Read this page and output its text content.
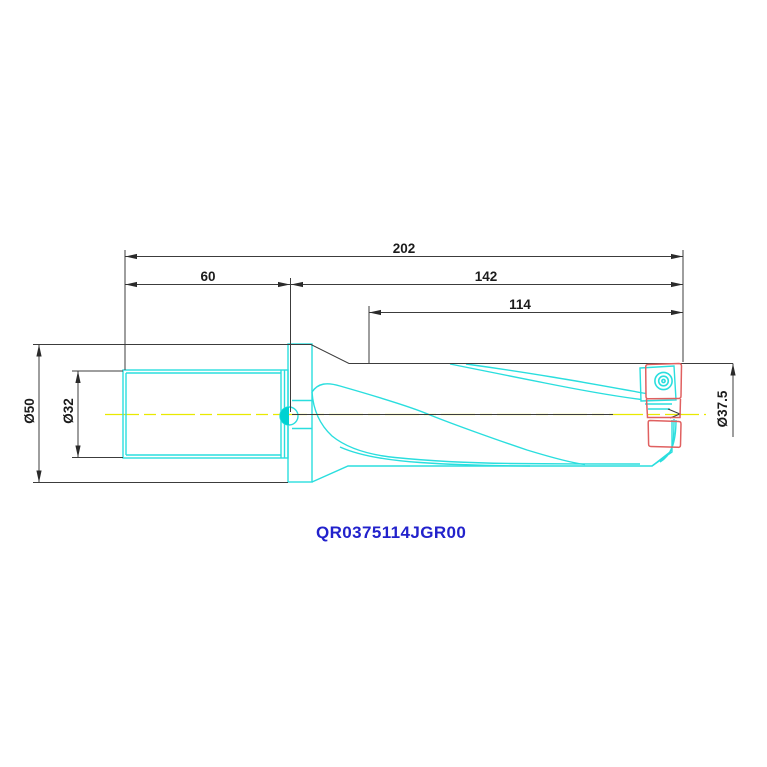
202
60	142
114
Ø50 Ø32	Ø37.5
QR0375114JGR00
